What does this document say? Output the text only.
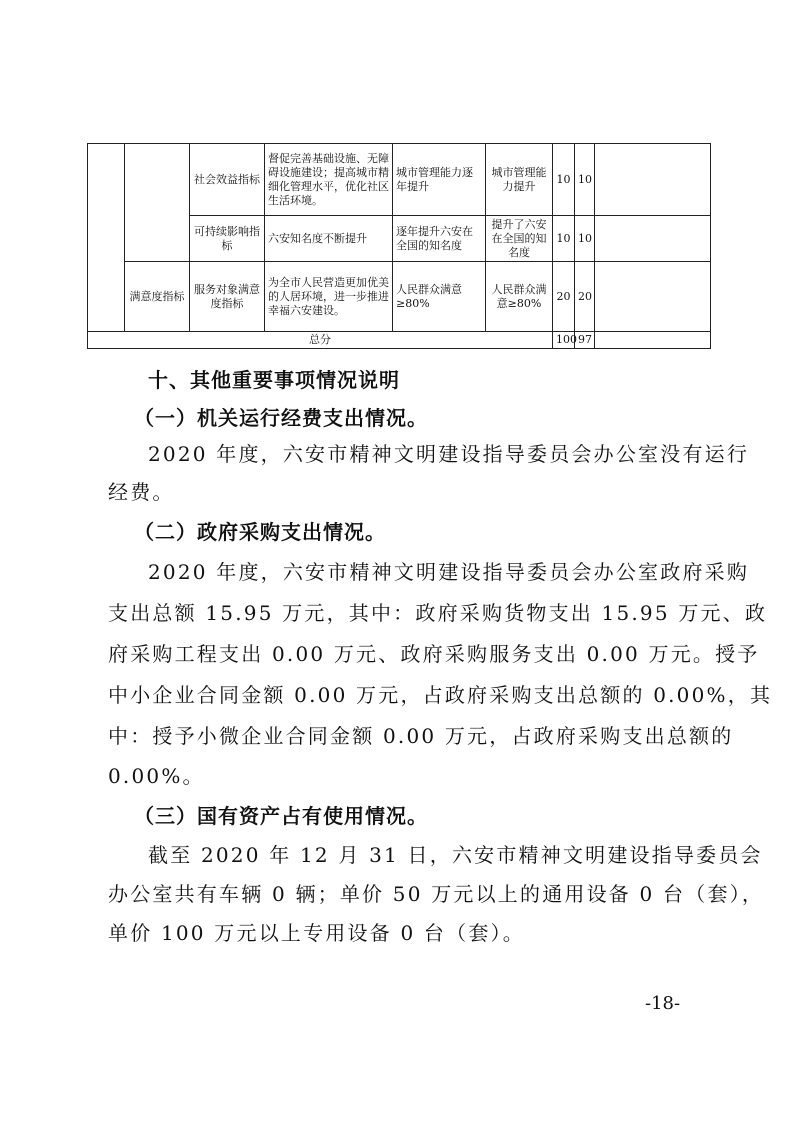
		社会效益指标	督促完善基础设施、无障碍设施建设；提高城市精细化管理水平，优化社区生活环境。	城市管理能力逐年提升	城市管理能力提升	10	10	
		可持续影响指标	六安知名度不断提升	逐年提升六安在全国的知名度	提升了六安在全国的知名度	10	10	
	满意度指标	服务对象满意度指标	为全市人民营造更加优美的人居环境，进一步推进幸福六安建设。	人民群众满意≥80%	人民群众满意≥80%	20	20	
总分						100	97	
十、其他重要事项情况说明
（一）机关运行经费支出情况。
2020 年度，六安市精神文明建设指导委员会办公室没有运行
经费。
（二）政府采购支出情况。
2020 年度，六安市精神文明建设指导委员会办公室政府采购
支出总额 15.95 万元，其中：政府采购货物支出 15.95 万元、政
府采购工程支出 0.00 万元、政府采购服务支出 0.00 万元。授予
中小企业合同金额 0.00 万元，占政府采购支出总额的 0.00%，其
中：授予小微企业合同金额 0.00 万元，占政府采购支出总额的
0.00%。
（三）国有资产占有使用情况。
截至 2020 年 12 月 31 日，六安市精神文明建设指导委员会
办公室共有车辆 0 辆；单价 50 万元以上的通用设备 0 台（套），
单价 100 万元以上专用设备 0 台（套）。
-18-
